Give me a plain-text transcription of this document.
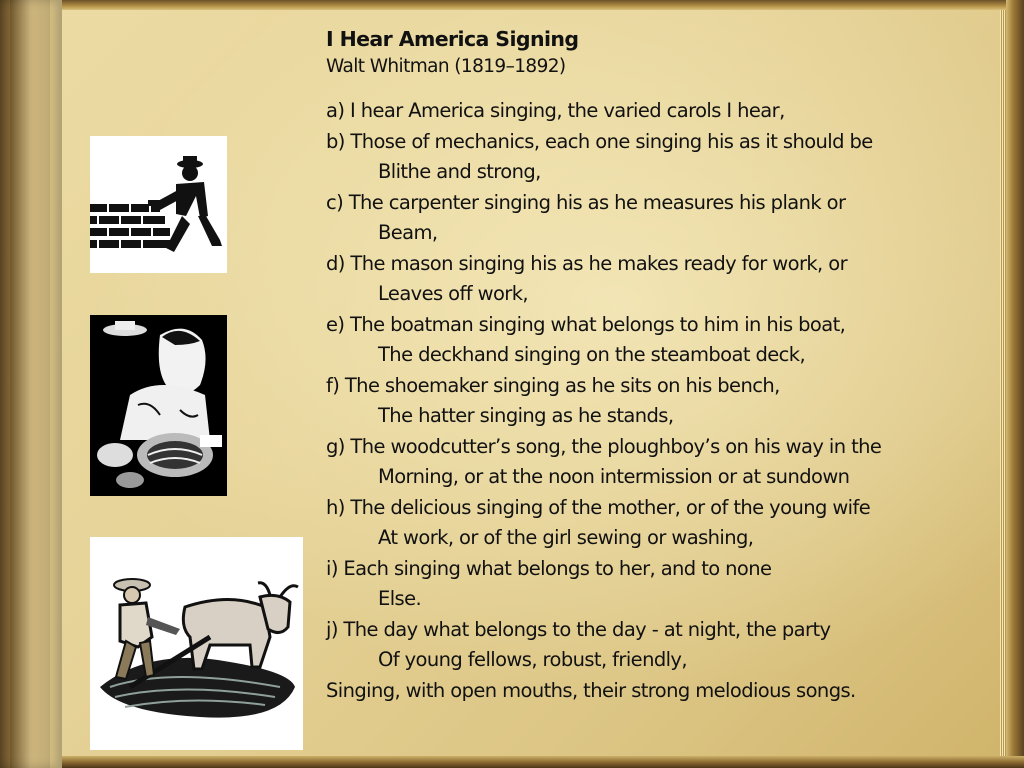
I Hear America Signing

Walt Whitman (1819–1892)

a) I hear America singing, the varied carols I hear,

b) Those of mechanics, each one singing his as it should be

Blithe and strong,

c) The carpenter singing his as he measures his plank or

Beam,

d) The mason singing his as he makes ready for work, or

Leaves off work,

e) The boatman singing what belongs to him in his boat,

The deckhand singing on the steamboat deck,

f) The shoemaker singing as he sits on his bench,

The hatter singing as he stands,

g) The woodcutter’s song, the ploughboy’s on his way in the

Morning, or at the noon intermission or at sundown

h) The delicious singing of the mother, or of the young wife

At work, or of the girl sewing or washing,

i) Each singing what belongs to her, and to none

Else.

j) The day what belongs to the day - at night, the party

Of young fellows, robust, friendly,

Singing, with open mouths, their strong melodious songs.
